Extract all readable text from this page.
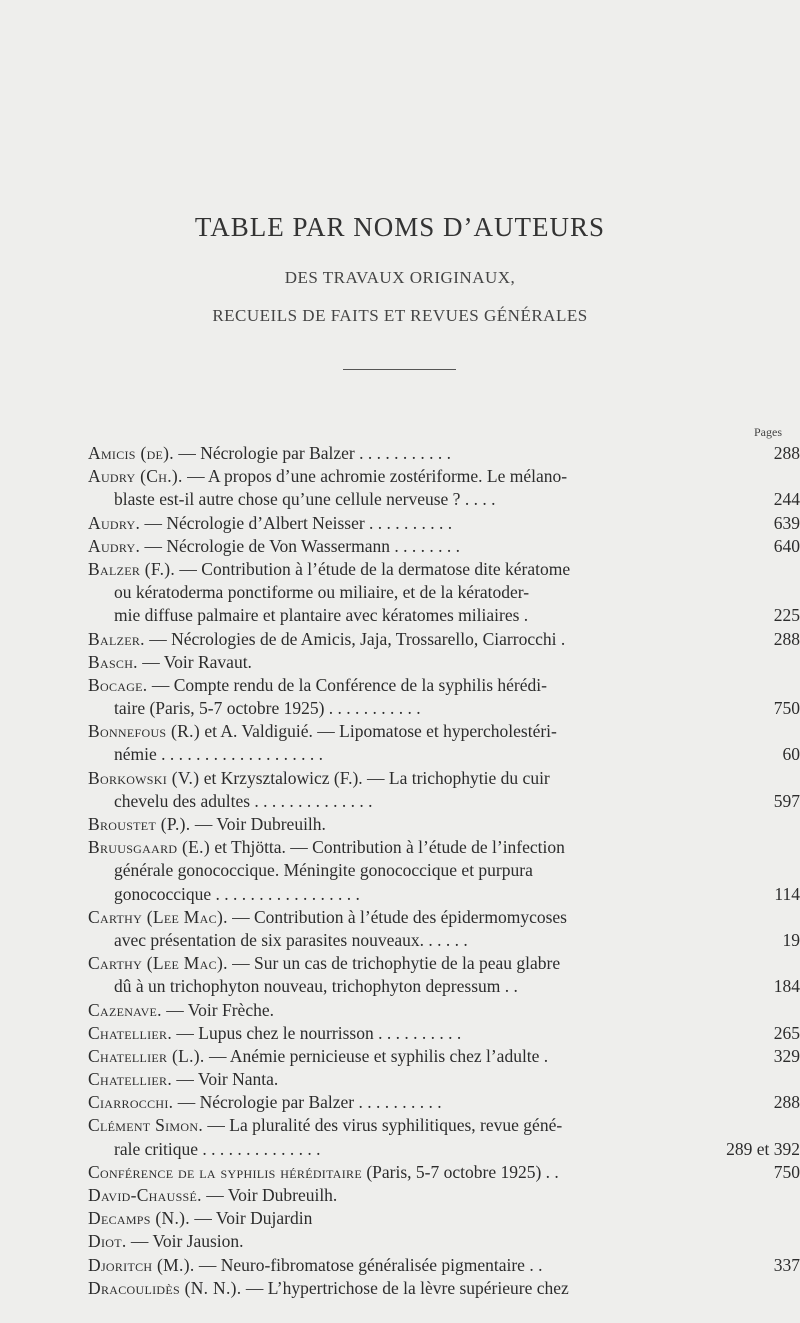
TABLE PAR NOMS D’AUTEURS
DES TRAVAUX ORIGINAUX,
RECUEILS DE FAITS ET REVUES GÉNÉRALES
Pages
Amicis (de). — Nécrologie par Balzer . . . . . . . . . . .	288
Audry (Ch.). — A propos d’une achromie zostériforme. Le mélano-
blaste est-il autre chose qu’une cellule nerveuse ? . . . .	244
Audry. — Nécrologie d’Albert Neisser . . . . . . . . . .	639
Audry. — Nécrologie de Von Wassermann . . . . . . . .	640
Balzer (F.). — Contribution à l’étude de la dermatose dite kératome
ou kératoderma ponctiforme ou miliaire, et de la kératoder-
mie diffuse palmaire et plantaire avec kératomes miliaires .	225
Balzer. — Nécrologies de de Amicis, Jaja, Trossarello, Ciarrocchi .	288
Basch. — Voir Ravaut.
Bocage. — Compte rendu de la Conférence de la syphilis hérédi-
taire (Paris, 5-7 octobre 1925) . . . . . . . . . . .	750
Bonnefous (R.) et A. Valdiguié. — Lipomatose et hypercholestéri-
némie . . . . . . . . . . . . . . . . . . .	60
Borkowski (V.) et Krzysztalowicz (F.). — La trichophytie du cuir
chevelu des adultes . . . . . . . . . . . . . .	597
Broustet (P.). — Voir Dubreuilh.
Bruusgaard (E.) et Thjötta. — Contribution à l’étude de l’infection
générale gonococcique. Méningite gonococcique et purpura
gonococcique . . . . . . . . . . . . . . . . .	114
Carthy (Lee Mac). — Contribution à l’étude des épidermomycoses
avec présentation de six parasites nouveaux. . . . . .	19
Carthy (Lee Mac). — Sur un cas de trichophytie de la peau glabre
dû à un trichophyton nouveau, trichophyton depressum . .	184
Cazenave. — Voir Frèche.
Chatellier. — Lupus chez le nourrisson . . . . . . . . . .	265
Chatellier (L.). — Anémie pernicieuse et syphilis chez l’adulte .	329
Chatellier. — Voir Nanta.
Ciarrocchi. — Nécrologie par Balzer . . . . . . . . . .	288
Clément Simon. — La pluralité des virus syphilitiques, revue géné-
rale critique . . . . . . . . . . . . . .	289 et 392
Conférence de la syphilis héréditaire (Paris, 5-7 octobre 1925) . .	750
David-Chaussé. — Voir Dubreuilh.
Decamps (N.). — Voir Dujardin
Diot. — Voir Jausion.
Djoritch (M.). — Neuro-fibromatose généralisée pigmentaire . .	337
Dracoulidès (N. N.). — L’hypertrichose de la lèvre supérieure chez
